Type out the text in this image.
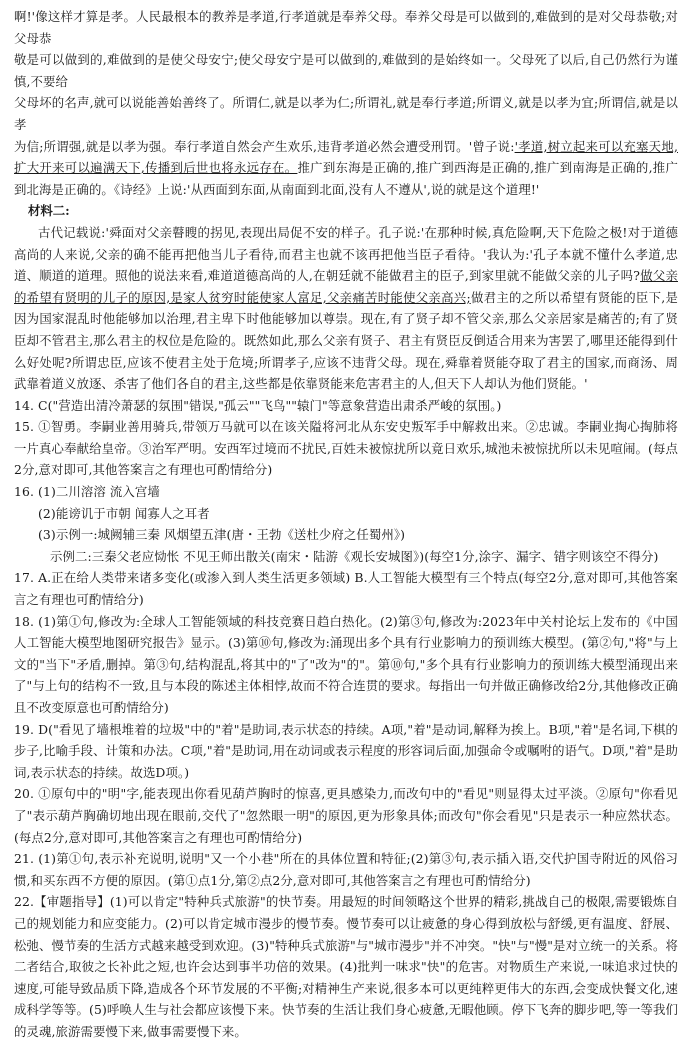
啊!'像这样才算是孝。人民最根本的教养是孝道,行孝道就是奉养父母。奉养父母是可以做到的,难做到的是对父母恭敬;对父母恭

敬是可以做到的,难做到的是使父母安宁;使父母安宁是可以做到的,难做到的是始终如一。父母死了以后,自己仍然行为谨慎,不要给

父母坏的名声,就可以说能善始善终了。所谓仁,就是以孝为仁;所谓礼,就是奉行孝道;所谓义,就是以孝为宜;所谓信,就是以孝

为信;所谓强,就是以孝为强。奉行孝道自然会产生欢乐,违背孝道必然会遭受刑罚。'曾子说:'孝道,树立起来可以充塞天地,扩大开来可以遍满天下,传播到后世也将永远存在。推广到东海是正确的,推广到西海是正确的,推广到南海是正确的,推广到北海是正确的。《诗经》上说:'从西面到东面,从南面到北面,没有人不遵从',说的就是这个道理!'

材料二:

古代记载说:'舜面对父亲瞽瞍的拐见,表现出局促不安的样子。孔子说:'在那种时候,真危险啊,天下危险之极!对于道德高尚的人来说,父亲的确不能再把他当儿子看待,而君主也就不该再把他当臣子看待。'我认为:'孔子本就不懂什么孝道,忠道、顺道的道理。照他的说法来看,难道道德高尚的人,在朝廷就不能做君主的臣子,到家里就不能做父亲的儿子吗?做父亲的希望有贤明的儿子的原因,是家人贫穷时能使家人富足,父亲痛苦时能使父亲高兴;做君主的之所以希望有贤能的臣下,是因为国家混乱时他能够加以治理,君主卑下时他能够加以尊崇。现在,有了贤子却不管父亲,那么父亲居家是痛苦的;有了贤臣却不管君主,那么君主的权位是危险的。既然如此,那么父亲有贤子、君主有贤臣反倒适合用来为害罢了,哪里还能得到什么好处呢?所谓忠臣,应该不使君主处于危境;所谓孝子,应该不违背父母。现在,舜靠着贤能夺取了君主的国家,而商汤、周武靠着道义放逐、杀害了他们各自的君主,这些都是依靠贤能来危害君主的人,但天下人却认为他们贤能。'

14. C("营造出清冷萧瑟的氛围"错误,"孤云""飞鸟""辕门"等意象营造出肃杀严峻的氛围。)

15. ①智勇。李嗣业善用骑兵,带领万马就可以在该关隘将河北从东安史叛军手中解救出来。②忠诚。李嗣业掏心掏肺将一片真心奉献给皇帝。③治军严明。安西军过境而不扰民,百姓未被惊扰所以竟日欢乐,城池未被惊扰所以未见喧闹。(每点2分,意对即可,其他答案言之有理也可酌情给分)

16. (1)二川溶溶 流入宫墙

(2)能谤讥于市朝 闻寡人之耳者

(3)示例一:城阙辅三秦 风烟望五津(唐・王勃《送杜少府之任蜀州》)

示例二:三秦父老应恸怅 不见王师出散关(南宋・陆游《观长安城图》)(每空1分,涂字、漏字、错字则该空不得分)

17. A.正在给人类带来诸多变化(或渗入到人类生活更多领域) B.人工智能大模型有三个特点(每空2分,意对即可,其他答案言之有理也可酌情给分)

18. (1)第①句,修改为:全球人工智能领域的科技竞赛日趋白热化。(2)第③句,修改为:2023年中关村论坛上发布的《中国人工智能大模型地图研究报告》显示。(3)第⑩句,修改为:涌现出多个具有行业影响力的预训练大模型。(第②句,"将"与上文的"当下"矛盾,删掉。第③句,结构混乱,将其中的"了"改为"的"。第⑩句,"多个具有行业影响力的预训练大模型涌现出来了"与上句的结构不一致,且与本段的陈述主体相悖,故而不符合连贯的要求。每指出一句并做正确修改给2分,其他修改正确且不改变原意也可酌情给分)

19. D("看见了墙根堆着的垃圾"中的"着"是助词,表示状态的持续。A项,"着"是动词,解释为挨上。B项,"着"是名词,下棋的步子,比喻手段、计策和办法。C项,"着"是助词,用在动词或表示程度的形容词后面,加强命令或嘱咐的语气。D项,"着"是助词,表示状态的持续。故选D项。)

20. ①原句中的"明"字,能表现出你看见葫芦胸时的惊喜,更具感染力,而改句中的"看见"则显得太过平淡。②原句"你看见了"表示葫芦胸确切地出现在眼前,交代了"忽然眼一明"的原因,更为形象具体;而改句"你会看见"只是表示一种应然状态。(每点2分,意对即可,其他答案言之有理也可酌情给分)

21. (1)第①句,表示补充说明,说明"又一个小巷"所在的具体位置和特征;(2)第③句,表示插入语,交代护国寺附近的风俗习惯,和买东西不方便的原因。(第①点1分,第②点2分,意对即可,其他答案言之有理也可酌情给分)

22.【审题指导】(1)可以肯定"特种兵式旅游"的快节奏。用最短的时间领略这个世界的精彩,挑战自己的极限,需要锻炼自己的规划能力和应变能力。(2)可以肯定城市漫步的慢节奏。慢节奏可以让疲惫的身心得到放松与舒缓,更有温度、舒展、松弛、慢节奏的生活方式越来越受到欢迎。(3)"特种兵式旅游"与"城市漫步"并不冲突。"快"与"慢"是对立统一的关系。将二者结合,取彼之长补此之短,也许会达到事半功倍的效果。(4)批判一味求"快"的危害。对物质生产来说,一味追求过快的速度,可能导致品质下降,造成各个环节发展的不平衡;对精神生产来说,很多本可以更纯粹更伟大的东西,会变成快餐文化,速成科学等等。(5)呼唤人生与社会都应该慢下来。快节奏的生活让我们身心疲惫,无暇他顾。停下飞奔的脚步吧,等一等我们的灵魂,旅游需要慢下来,做事需要慢下来。
